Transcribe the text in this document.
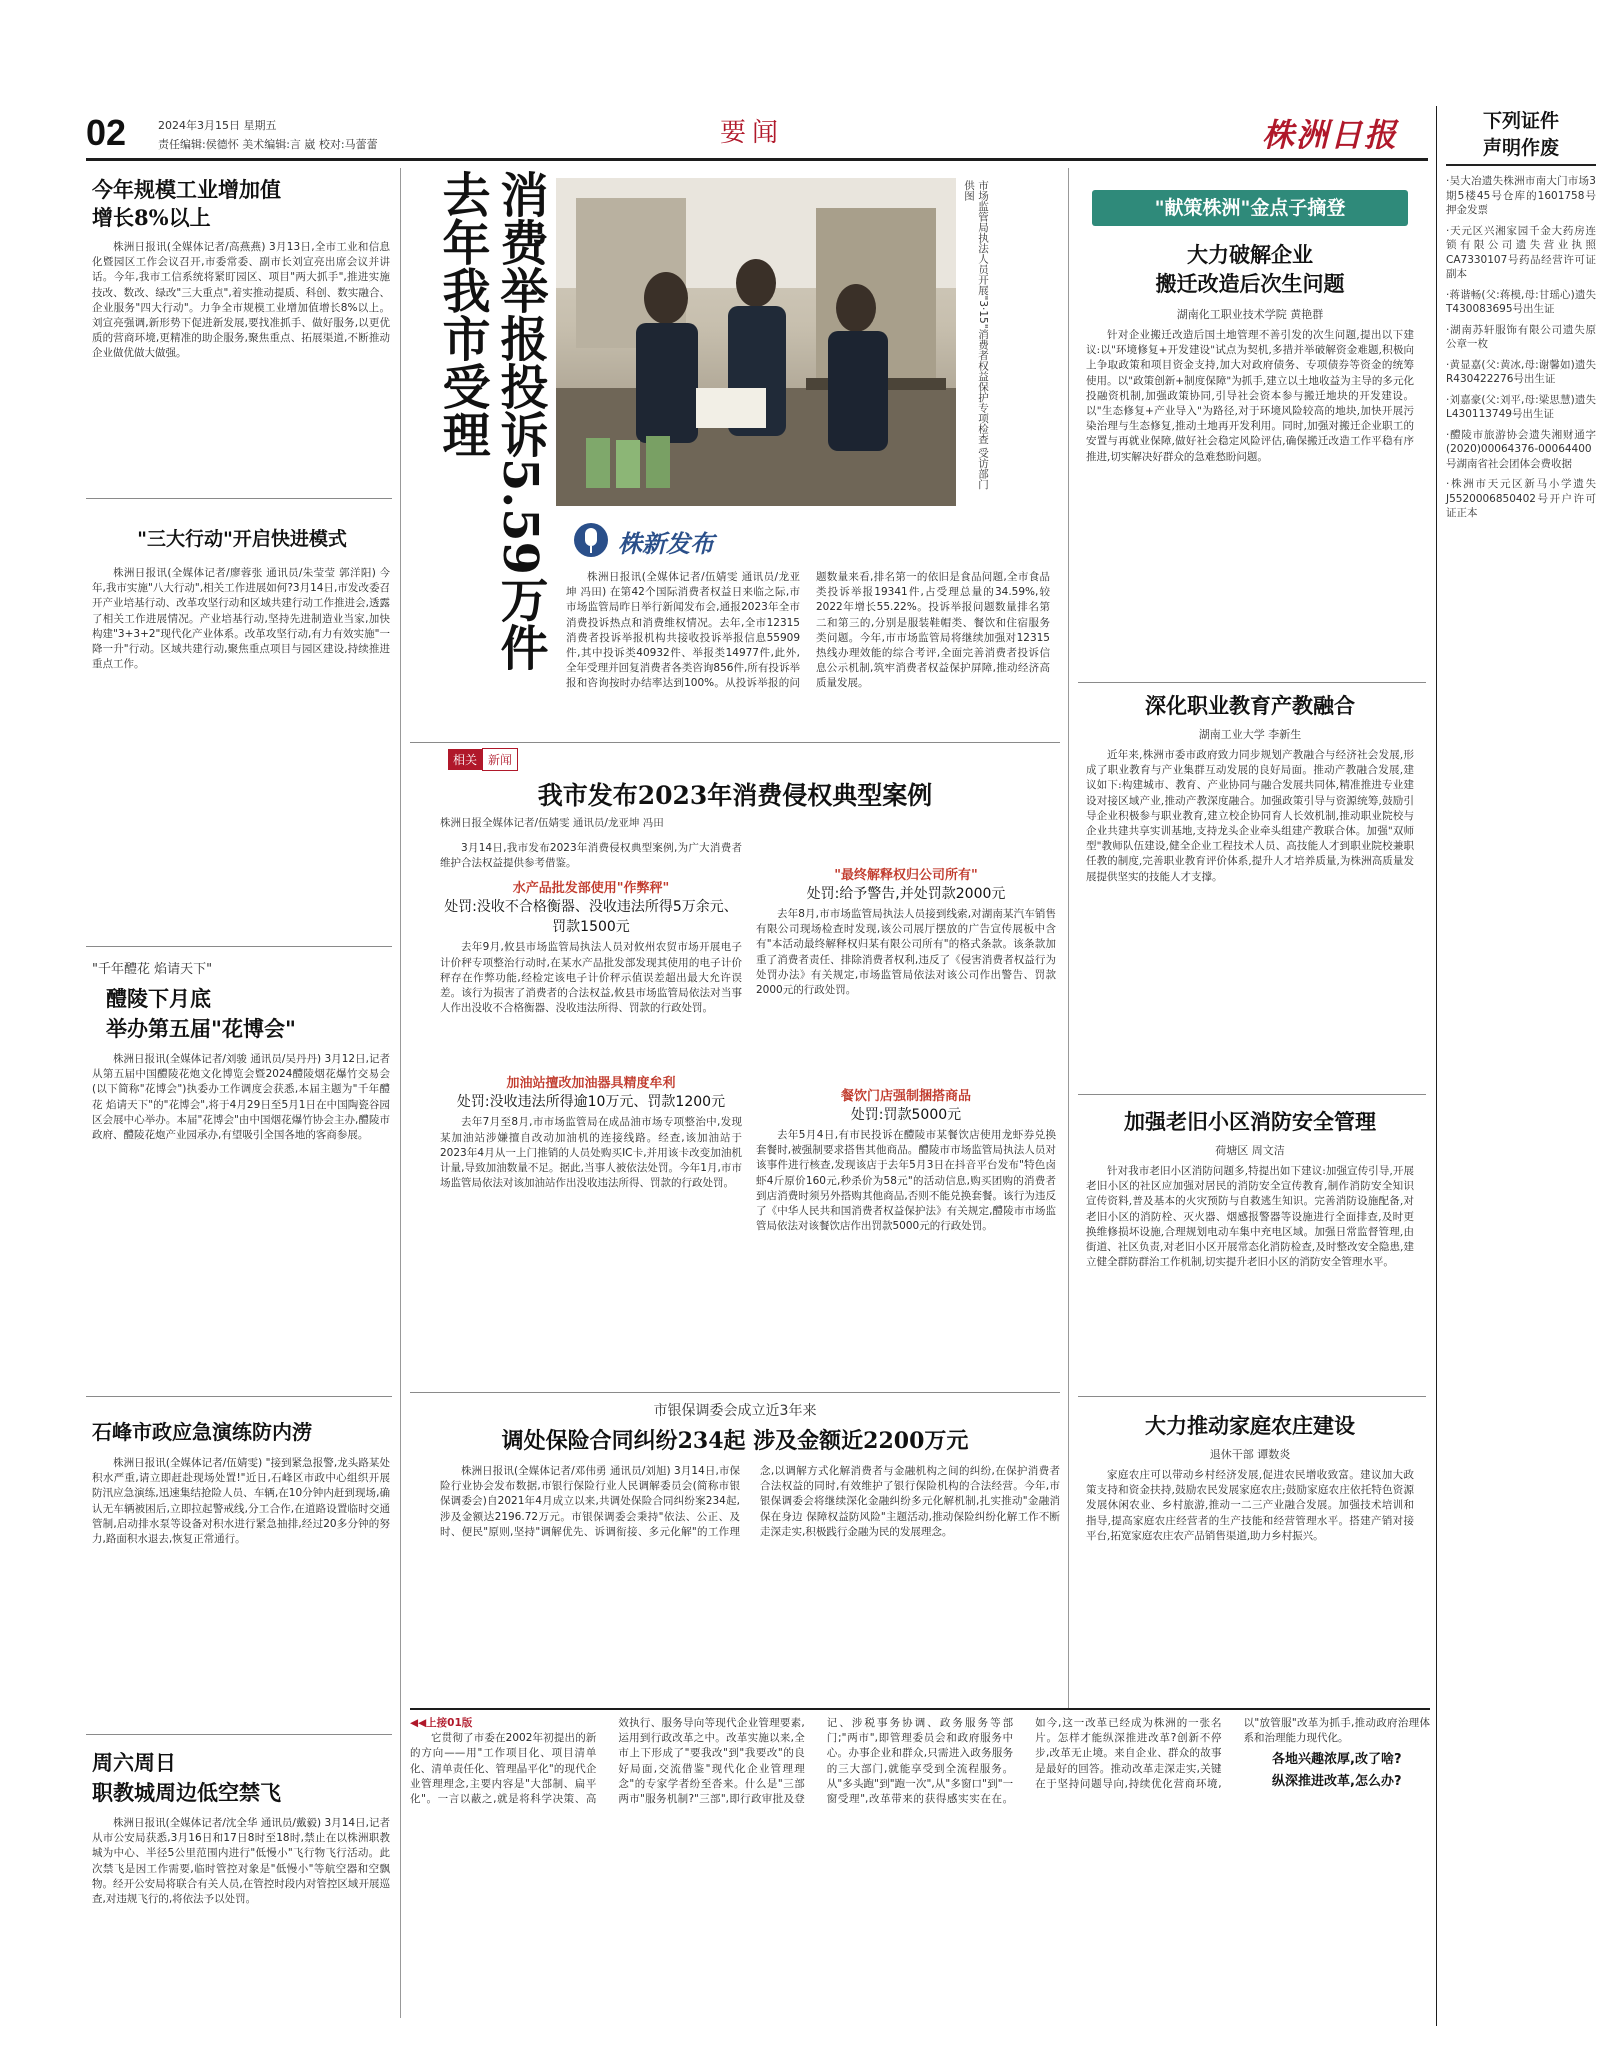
02	2024年3月15日 星期五
责任编辑:侯德怀 美术编辑:言 崴 校对:马蕾蕾	要闻	株洲日报	下列证件
声明作废
·吴大冶遗失株洲市南大门市场3期5楼45号仓库的1601758号押金发票
·天元区兴湘家园千金大药房连锁有限公司遗失营业执照CA7330107号药品经营许可证副本
·蒋谐畅(父:蒋模,母:甘瑶心)遗失T430083695号出生证
·湖南苏轩服饰有限公司遗失原公章一枚
·黄显嘉(父:黄冰,母:谢馨如)遗失R430422276号出生证
·刘嘉豪(父:刘平,母:梁思慧)遗失L430113749号出生证
·醴陵市旅游协会遗失湘财通字(2020)00064376-00064400号湖南省社会团体会费收据
·株洲市天元区新马小学遗失J5520006850402号开户许可证正本
今年规模工业增加值
增长8%以上

株洲日报讯(全媒体记者/高燕燕) 3月13日,全市工业和信息化暨园区工作会议召开,市委常委、副市长刘宣亮出席会议并讲话。今年,我市工信系统将紧盯园区、项目"两大抓手",推进实施技改、数改、绿改"三大重点",着实推动提质、科创、数实融合、企业服务"四大行动"。力争全市规模工业增加值增长8%以上。刘宣亮强调,新形势下促进新发展,要找准抓手、做好服务,以更优质的营商环境,更精准的助企服务,聚焦重点、拓展渠道,不断推动企业做优做大做强。

"三大行动"开启快进模式

株洲日报讯(全媒体记者/廖蓉张 通讯员/朱莹莹 郭洋阳) 今年,我市实施"八大行动",相关工作进展如何?3月14日,市发改委召开产业培基行动、改革攻坚行动和区域共建行动工作推进会,透露了相关工作进展情况。产业培基行动,坚持先进制造业当家,加快构建"3+3+2"现代化产业体系。改革攻坚行动,有力有效实施"一降一升"行动。区域共建行动,聚焦重点项目与园区建设,持续推进重点工作。

"千年醴花 焰请天下"
醴陵下月底
举办第五届"花博会"

株洲日报讯(全媒体记者/刘骏 通讯员/吴丹丹) 3月12日,记者从第五届中国醴陵花炮文化博览会暨2024醴陵烟花爆竹交易会(以下简称"花博会")执委办工作调度会获悉,本届主题为"千年醴花 焰请天下"的"花博会",将于4月29日至5月1日在中国陶瓷谷园区会展中心举办。本届"花博会"由中国烟花爆竹协会主办,醴陵市政府、醴陵花炮产业园承办,有望吸引全国各地的客商参展。

石峰市政应急演练防内涝

株洲日报讯(全媒体记者/伍婧雯) "接到紧急报警,龙头路某处积水严重,请立即赶赴现场处置!"近日,石峰区市政中心组织开展防汛应急演练,迅速集结抢险人员、车辆,在10分钟内赶到现场,确认无车辆被困后,立即拉起警戒线,分工合作,在道路设置临时交通管制,启动排水泵等设备对积水进行紧急抽排,经过20多分钟的努力,路面积水退去,恢复正常通行。

周六周日
职教城周边低空禁飞

株洲日报讯(全媒体记者/沈全华 通讯员/戴毅) 3月14日,记者从市公安局获悉,3月16日和17日8时至18时,禁止在以株洲职教城为中心、半径5公里范围内进行"低慢小"飞行物飞行活动。此次禁飞是因工作需要,临时管控对象是"低慢小"等航空器和空飘物。经开公安局将联合有关人员,在管控时段内对管控区域开展巡查,对违规飞行的,将依法予以处罚。

消费举报投诉5.59万件
去年我市受理	市场监管局执法人员开展"3·15"消费者权益保护专项检查 受访部门 供图
株新发布

株洲日报讯(全媒体记者/伍婧雯 通讯员/龙亚坤 冯田) 在第42个国际消费者权益日来临之际,市市场监管局昨日举行新闻发布会,通报2023年全市消费投诉热点和消费维权情况。去年,全市12315消费者投诉举报机构共接收投诉举报信息55909件,其中投诉类40932件、举报类14977件,此外,全年受理并回复消费者各类咨询856件,所有投诉举报和咨询按时办结率达到100%。从投诉举报的问题数量来看,排名第一的依旧是食品问题,全市食品类投诉举报19341件,占受理总量的34.59%,较2022年增长55.22%。投诉举报问题数量排名第二和第三的,分别是服装鞋帽类、餐饮和住宿服务类问题。今年,市市场监管局将继续加强对12315热线办理效能的综合考评,全面完善消费者投诉信息公示机制,筑牢消费者权益保护屏障,推动经济高质量发展。

相关 新闻
我市发布2023年消费侵权典型案例
株洲日报全媒体记者/伍婧雯 通讯员/龙亚坤 冯田

3月14日,我市发布2023年消费侵权典型案例,为广大消费者维护合法权益提供参考借鉴。

水产品批发部使用"作弊秤"
处罚:没收不合格衡器、没收违法所得5万余元、罚款1500元

去年9月,攸县市场监管局执法人员对攸州农贸市场开展电子计价秤专项整治行动时,在某水产品批发部发现其使用的电子计价秤存在作弊功能,经检定该电子计价秤示值误差超出最大允许误差。该行为损害了消费者的合法权益,攸县市场监管局依法对当事人作出没收不合格衡器、没收违法所得、罚款的行政处罚。

加油站擅改加油器具精度牟利
处罚:没收违法所得逾10万元、罚款1200元

去年7月至8月,市市场监管局在成品油市场专项整治中,发现某加油站涉嫌擅自改动加油机的连接线路。经查,该加油站于2023年4月从一上门推销的人员处购买IC卡,并用该卡改变加油机计量,导致加油数量不足。据此,当事人被依法处罚。今年1月,市市场监管局依法对该加油站作出没收违法所得、罚款的行政处罚。

"最终解释权归公司所有"
处罚:给予警告,并处罚款2000元

去年8月,市市场监管局执法人员接到线索,对湖南某汽车销售有限公司现场检查时发现,该公司展厅摆放的广告宣传展板中含有"本活动最终解释权归某有限公司所有"的格式条款。该条款加重了消费者责任、排除消费者权利,违反了《侵害消费者权益行为处罚办法》有关规定,市场监管局依法对该公司作出警告、罚款2000元的行政处罚。

餐饮门店强制捆搭商品
处罚:罚款5000元

去年5月4日,有市民投诉在醴陵市某餐饮店使用龙虾券兑换套餐时,被强制要求搭售其他商品。醴陵市市场监管局执法人员对该事件进行核查,发现该店于去年5月3日在抖音平台发布"特色卤虾4斤原价160元,秒杀价为58元"的活动信息,购买团购的消费者到店消费时须另外搭购其他商品,否则不能兑换套餐。该行为违反了《中华人民共和国消费者权益保护法》有关规定,醴陵市市场监管局依法对该餐饮店作出罚款5000元的行政处罚。

市银保调委会成立近3年来
调处保险合同纠纷234起 涉及金额近2200万元

株洲日报讯(全媒体记者/邓伟勇 通讯员/刘旭) 3月14日,市保险行业协会发布数据,市银行保险行业人民调解委员会(简称市银保调委会)自2021年4月成立以来,共调处保险合同纠纷案234起,涉及金额达2196.72万元。市银保调委会秉持"依法、公正、及时、便民"原则,坚持"调解优先、诉调衔接、多元化解"的工作理念,以调解方式化解消费者与金融机构之间的纠纷,在保护消费者合法权益的同时,有效维护了银行保险机构的合法经营。今年,市银保调委会将继续深化金融纠纷多元化解机制,扎实推动"金融消保在身边 保障权益防风险"主题活动,推动保险纠纷化解工作不断走深走实,积极践行金融为民的发展理念。

◀◀上接01版

它贯彻了市委在2002年初提出的新的方向——用"工作项目化、项目清单化、清单责任化、管理晶平化"的现代企业管理理念,主要内容是"大部制、扁平化"。一言以蔽之,就是将科学决策、高效执行、服务导向等现代企业管理要素,运用到行政改革之中。改革实施以来,全市上下形成了"要我改"到"我要改"的良好局面,交流借鉴"现代化企业管理理念"的专家学者纷至沓来。什么是"三部两市"服务机制?"三部",即行政审批及登记、涉税事务协调、政务服务等部门;"两市",即管理委员会和政府服务中心。办事企业和群众,只需进入政务服务的三大部门,就能享受到全流程服务。从"多头跑"到"跑一次",从"多窗口"到"一窗受理",改革带来的获得感实实在在。如今,这一改革已经成为株洲的一张名片。怎样才能纵深推进改革?创新不停步,改革无止境。来自企业、群众的故事是最好的回答。推动改革走深走实,关键在于坚持问题导向,持续优化营商环境,以"放管服"改革为抓手,推动政府治理体系和治理能力现代化。

各地兴趣浓厚,改了啥?

纵深推进改革,怎么办?

"献策株洲"金点子摘登
大力破解企业
搬迁改造后次生问题
湖南化工职业技术学院 黄艳群

针对企业搬迁改造后国土地管理不善引发的次生问题,提出以下建议:以"环境修复+开发建设"试点为契机,多措并举破解资金难题,积极向上争取政策和项目资金支持,加大对政府债务、专项债券等资金的统筹使用。以"政策创新+制度保障"为抓手,建立以土地收益为主导的多元化投融资机制,加强政策协同,引导社会资本参与搬迁地块的开发建设。以"生态修复+产业导入"为路径,对于环境风险较高的地块,加快开展污染治理与生态修复,推动土地再开发利用。同时,加强对搬迁企业职工的安置与再就业保障,做好社会稳定风险评估,确保搬迁改造工作平稳有序推进,切实解决好群众的急难愁盼问题。

深化职业教育产教融合
湖南工业大学 李新生

近年来,株洲市委市政府致力同步规划产教融合与经济社会发展,形成了职业教育与产业集群互动发展的良好局面。推动产教融合发展,建议如下:构建城市、教育、产业协同与融合发展共同体,精准推进专业建设对接区域产业,推动产教深度融合。加强政策引导与资源统筹,鼓励引导企业积极参与职业教育,建立校企协同育人长效机制,推动职业院校与企业共建共享实训基地,支持龙头企业牵头组建产教联合体。加强"双师型"教师队伍建设,健全企业工程技术人员、高技能人才到职业院校兼职任教的制度,完善职业教育评价体系,提升人才培养质量,为株洲高质量发展提供坚实的技能人才支撑。

加强老旧小区消防安全管理
荷塘区 周文洁

针对我市老旧小区消防问题多,特提出如下建议:加强宣传引导,开展老旧小区的社区应加强对居民的消防安全宣传教育,制作消防安全知识宣传资料,普及基本的火灾预防与自救逃生知识。完善消防设施配备,对老旧小区的消防栓、灭火器、烟感报警器等设施进行全面排查,及时更换维修损坏设施,合理规划电动车集中充电区域。加强日常监督管理,由街道、社区负责,对老旧小区开展常态化消防检查,及时整改安全隐患,建立健全群防群治工作机制,切实提升老旧小区的消防安全管理水平。

大力推动家庭农庄建设
退休干部 谭数炎

家庭农庄可以带动乡村经济发展,促进农民增收致富。建议加大政策支持和资金扶持,鼓励农民发展家庭农庄;鼓励家庭农庄依托特色资源发展休闲农业、乡村旅游,推动一二三产业融合发展。加强技术培训和指导,提高家庭农庄经营者的生产技能和经营管理水平。搭建产销对接平台,拓宽家庭农庄农产品销售渠道,助力乡村振兴。
